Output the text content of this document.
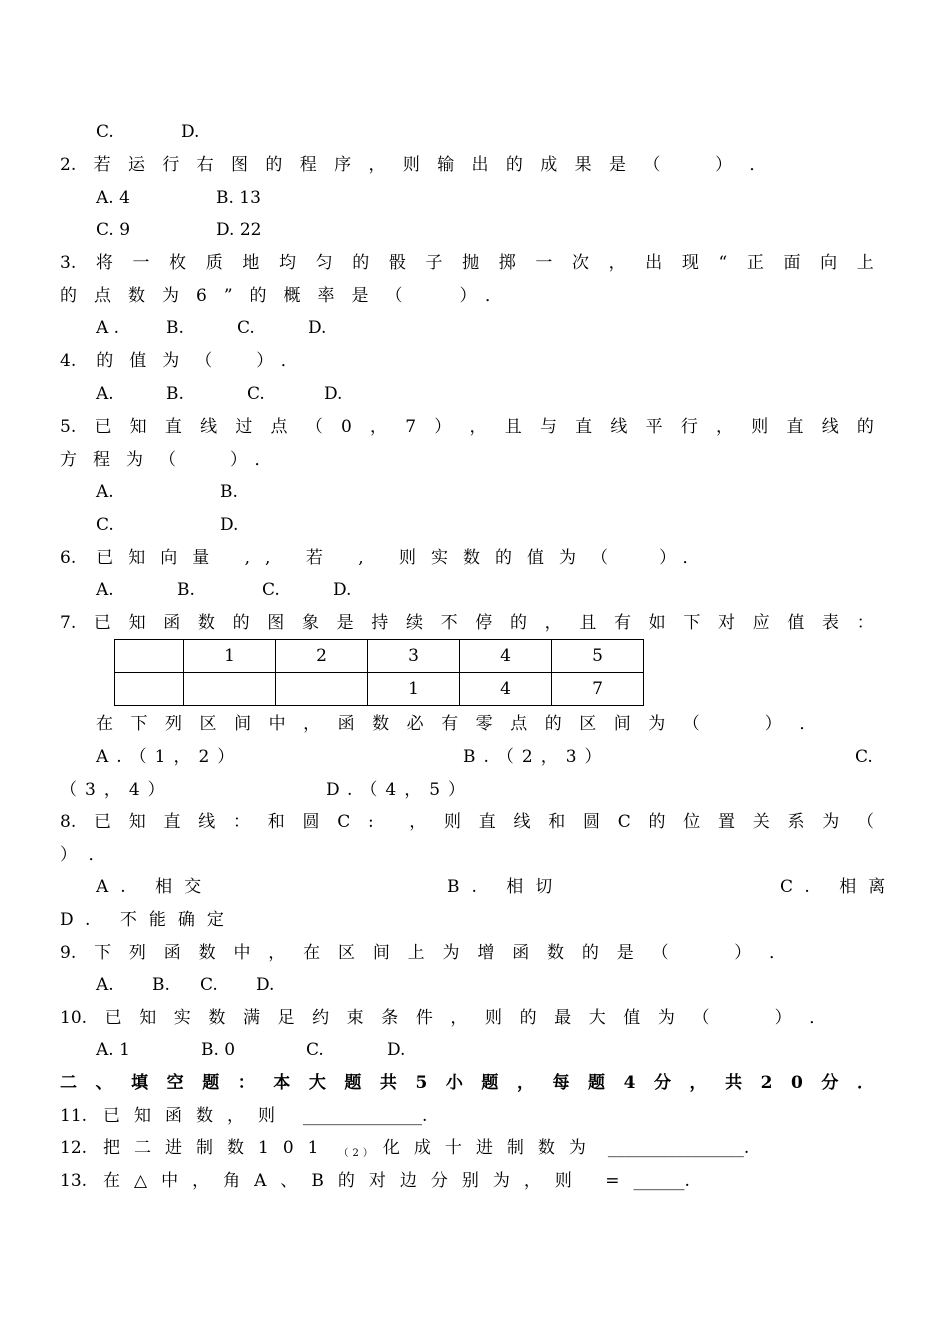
C.	D.
2. 若 运 行 右 图 的 程 序 ， 则 输 出 的 成 果 是 （	） ．
A. 4	B. 13
C. 9	D. 22
3. 将 一 枚 质 地 均 匀 的 骰 子 抛 掷 一 次 ， 出 现 “ 正 面 向 上
的点数为6”的概率是（ ）．
A .	B.	C.	D.
4. 的值为（ ）．
A.	B.	C.	D.
5. 已 知 直 线 过 点 （ 0 ， 7 ） ， 且 与 直 线 平 行 ， 则 直 线 的
方程为（ ）．
A.	B.
C.	D.
6. 已知向量 ,, 若 , 则实数的值为（ ）．
A.	B.	C.	D.
7. 已 知 函 数 的 图 象 是 持 续 不 停 的 ， 且 有 如 下 对 应 值 表 ：
	1	2	3	4	5
			1	4	7
在 下 列 区 间 中 ， 函 数 必 有 零 点 的 区 间 为 （	） ．
A.（1，2）	B.（2，3）	C.
（3，4）	D.（4，5）
8. 已 知 直 线 ： 和 圆 C : ， 则 直 线 和 圆 C 的 位 置 关 系 为 （
）．
A. 相交	B. 相切	C. 相离
D. 不能确定
9. 下 列 函 数 中 ， 在 区 间 上 为 增 函 数 的 是 （	） ．
A. B. C. D.
10. 已 知 实 数 满 足 约 束 条 件 ， 则 的 最 大 值 为 （	） ．
A. 1	B. 0	C.	D.
二 、 填 空 题 ： 本 大 题 共 5 小 题 ， 每 题 4 分 ， 共 2 0 分 ．
11. 已知函数，则 ______________.
12. 把二进制数101 （2） 化成十进制数为 ________________.
13. 在△中，角A、B的对边分别为，则 =______.
